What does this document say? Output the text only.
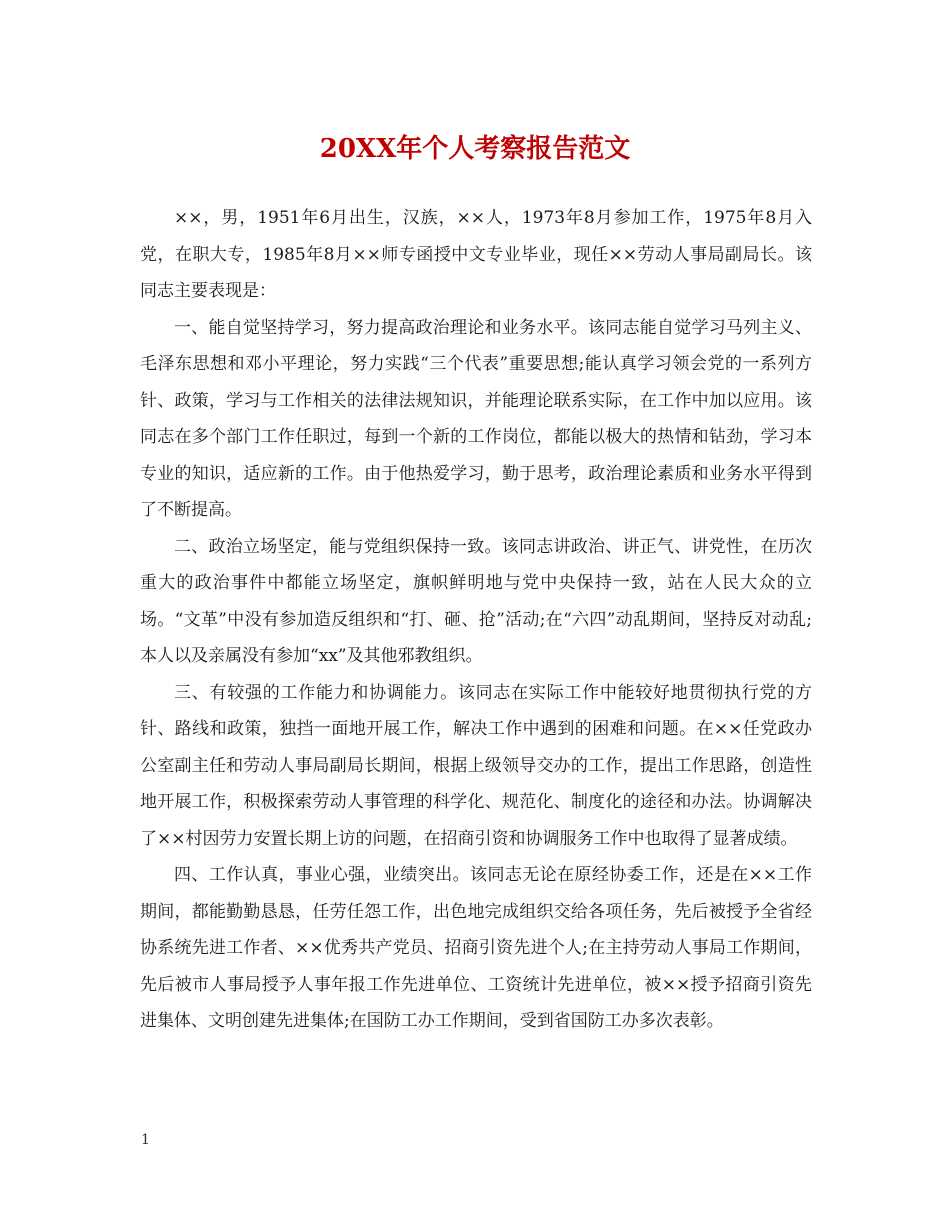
20XX年个人考察报告范文

××，男，1951年6月出生，汉族，××人，1973年8月参加工作，1975年8月入党，在职大专，1985年8月××师专函授中文专业毕业，现任××劳动人事局副局长。该同志主要表现是：

一、能自觉坚持学习，努力提高政治理论和业务水平。该同志能自觉学习马列主义、毛泽东思想和邓小平理论，努力实践“三个代表”重要思想;能认真学习领会党的一系列方针、政策，学习与工作相关的法律法规知识，并能理论联系实际，在工作中加以应用。该同志在多个部门工作任职过，每到一个新的工作岗位，都能以极大的热情和钻劲，学习本专业的知识，适应新的工作。由于他热爱学习，勤于思考，政治理论素质和业务水平得到了不断提高。

二、政治立场坚定，能与党组织保持一致。该同志讲政治、讲正气、讲党性，在历次重大的政治事件中都能立场坚定，旗帜鲜明地与党中央保持一致，站在人民大众的立场。“文革”中没有参加造反组织和“打、砸、抢”活动;在“六四”动乱期间，坚持反对动乱;本人以及亲属没有参加“xx”及其他邪教组织。

三、有较强的工作能力和协调能力。该同志在实际工作中能较好地贯彻执行党的方针、路线和政策，独挡一面地开展工作，解决工作中遇到的困难和问题。在××任党政办公室副主任和劳动人事局副局长期间，根据上级领导交办的工作，提出工作思路，创造性地开展工作，积极探索劳动人事管理的科学化、规范化、制度化的途径和办法。协调解决了××村因劳力安置长期上访的问题，在招商引资和协调服务工作中也取得了显著成绩。

四、工作认真，事业心强，业绩突出。该同志无论在原经协委工作，还是在××工作期间，都能勤勤恳恳，任劳任怨工作，出色地完成组织交给各项任务，先后被授予全省经协系统先进工作者、××优秀共产党员、招商引资先进个人;在主持劳动人事局工作期间，先后被市人事局授予人事年报工作先进单位、工资统计先进单位，被××授予招商引资先进集体、文明创建先进集体;在国防工办工作期间，受到省国防工办多次表彰。

1
